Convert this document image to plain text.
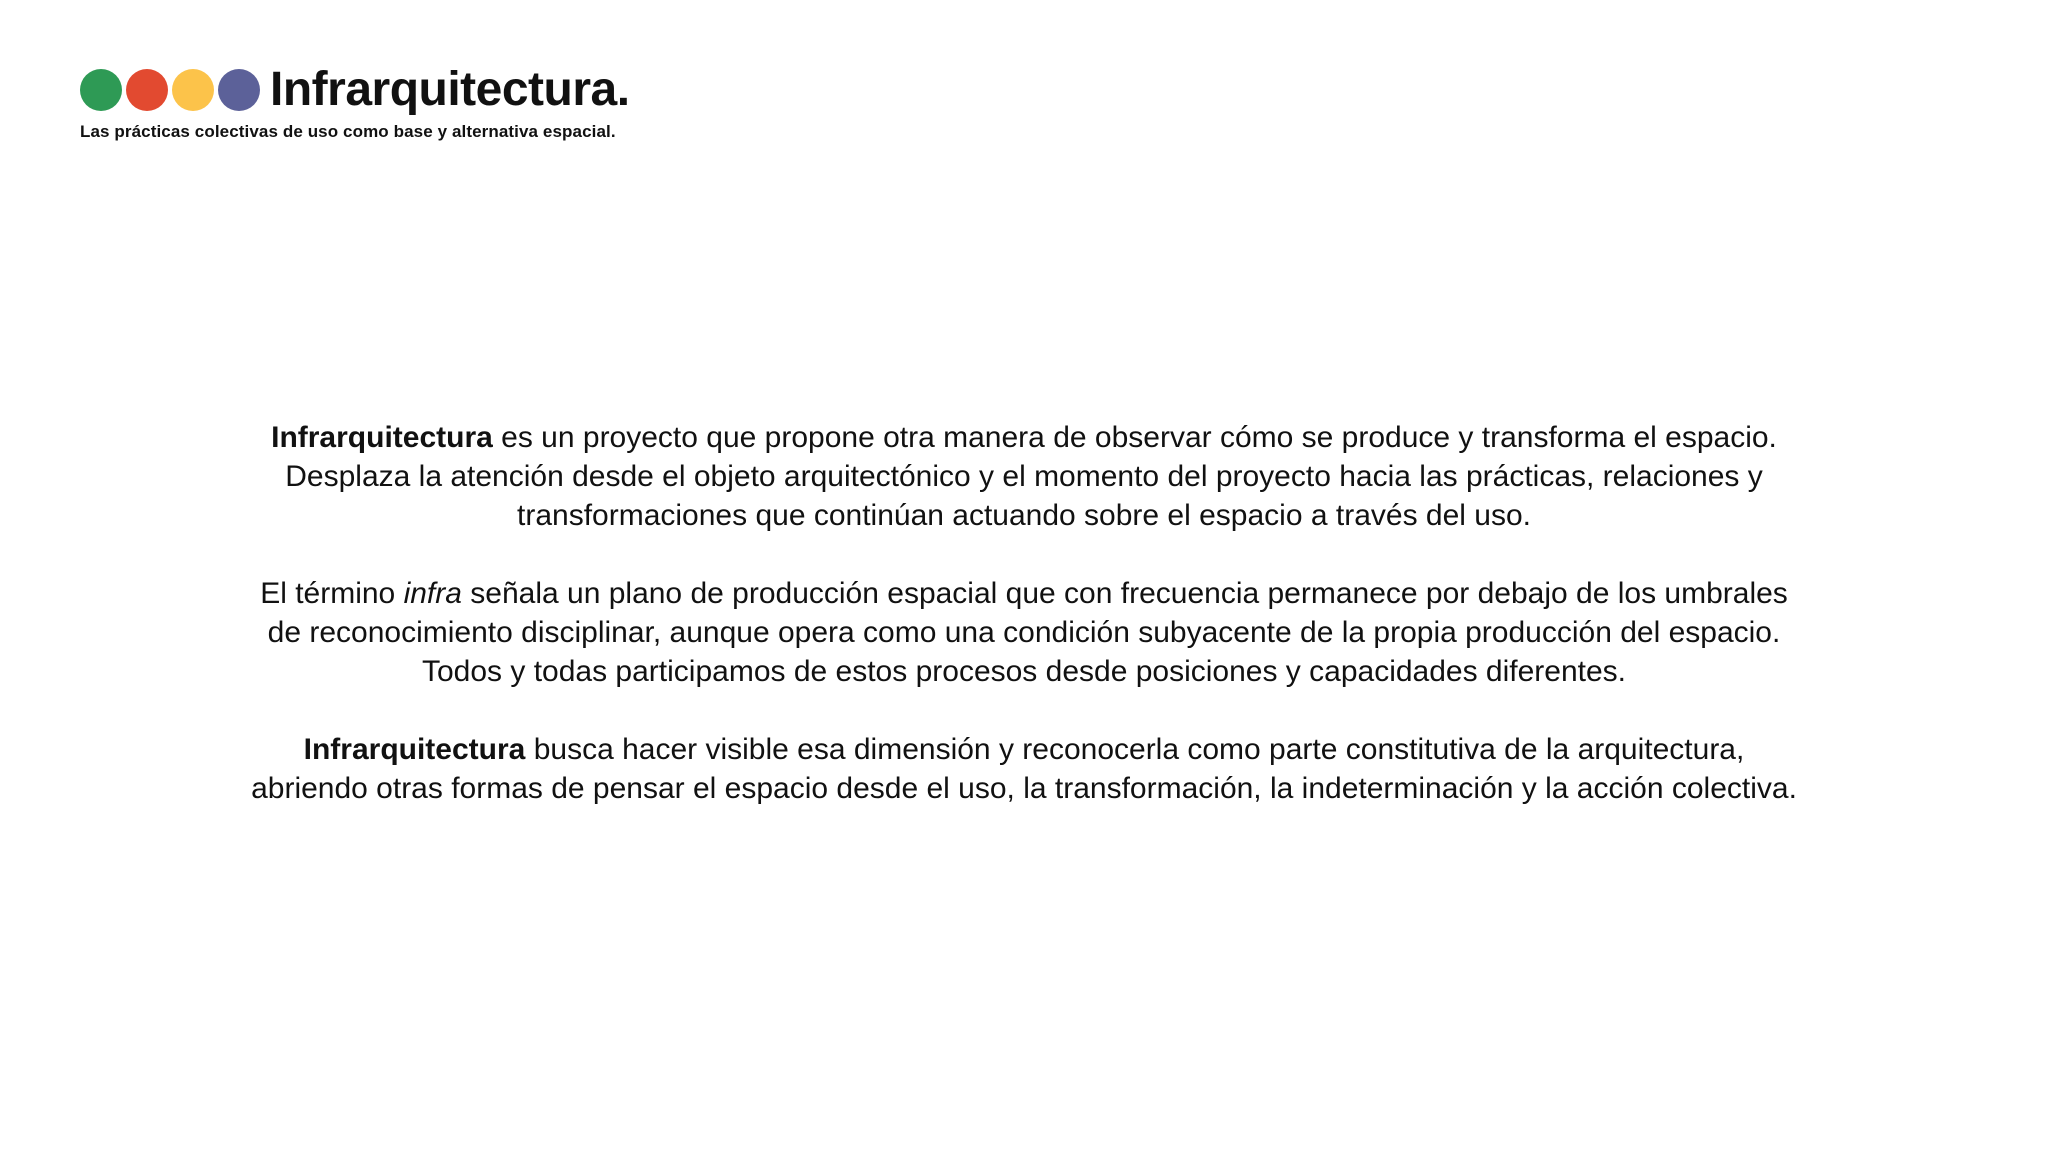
Infrarquitectura.
Las prácticas colectivas de uso como base y alternativa espacial.

Infrarquitectura es un proyecto que propone otra manera de observar cómo se produce y transforma el espacio.
Desplaza la atención desde el objeto arquitectónico y el momento del proyecto hacia las prácticas, relaciones y
transformaciones que continúan actuando sobre el espacio a través del uso.

El término infra señala un plano de producción espacial que con frecuencia permanece por debajo de los umbrales
de reconocimiento disciplinar, aunque opera como una condición subyacente de la propia producción del espacio.
Todos y todas participamos de estos procesos desde posiciones y capacidades diferentes.

Infrarquitectura busca hacer visible esa dimensión y reconocerla como parte constitutiva de la arquitectura,
abriendo otras formas de pensar el espacio desde el uso, la transformación, la indeterminación y la acción colectiva.
